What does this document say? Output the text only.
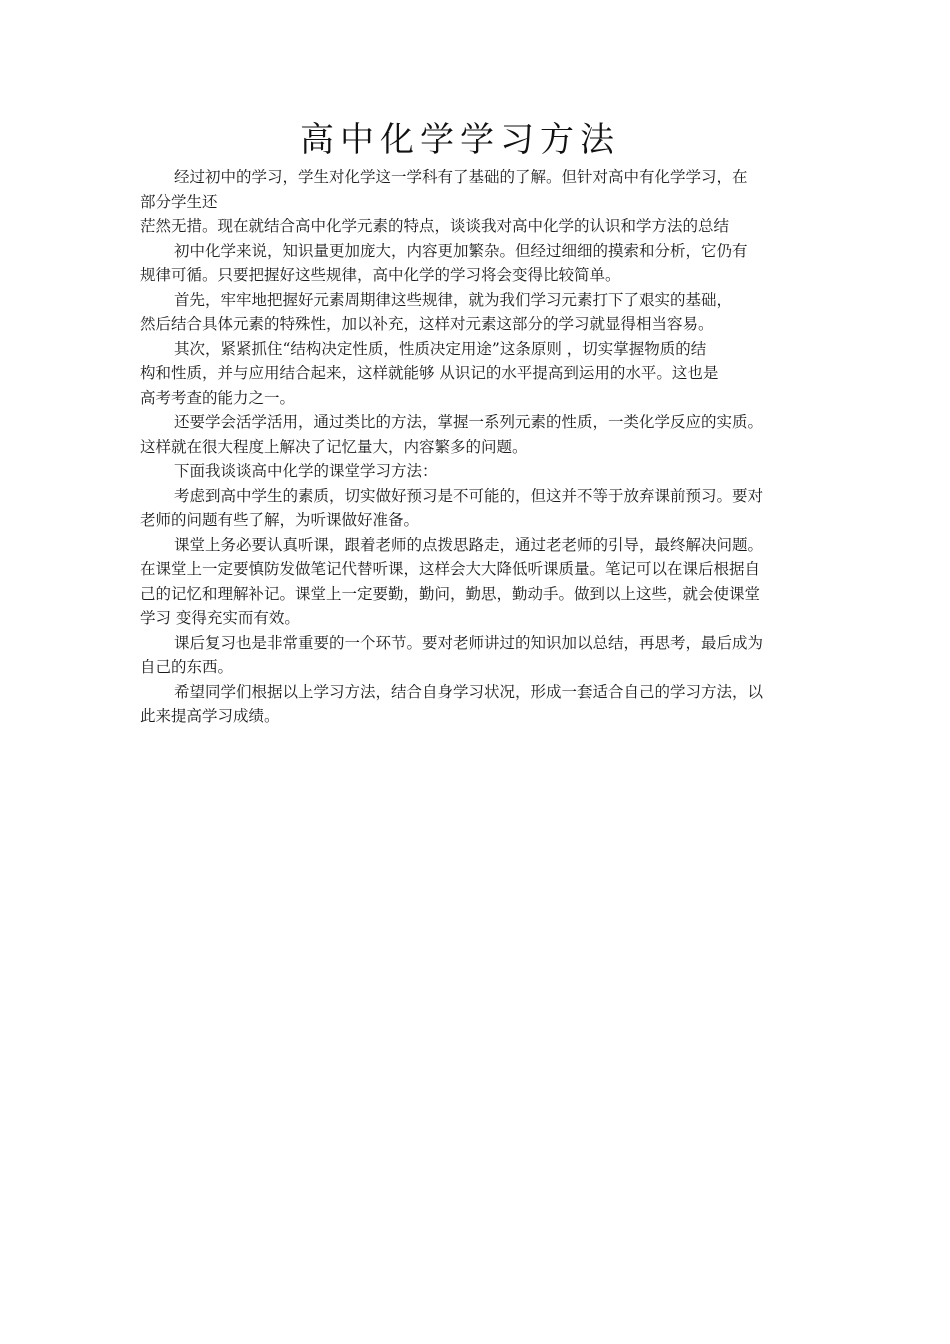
高中化学学习方法
经过初中的学习，学生对化学这一学科有了基础的了解。但针对高中有化学学习，在
部分学生还
茫然无措。现在就结合高中化学元素的特点，谈谈我对高中化学的认识和学方法的总结
初中化学来说，知识量更加庞大，内容更加繁杂。但经过细细的摸索和分析，它仍有
规律可循。只要把握好这些规律，高中化学的学习将会变得比较简单。
首先，牢牢地把握好元素周期律这些规律，就为我们学习元素打下了艰实的基础，
然后结合具体元素的特殊性，加以补充，这样对元素这部分的学习就显得相当容易。
其次，紧紧抓住“结构决定性质，性质决定用途”这条原则 ，切实掌握物质的结
构和性质，并与应用结合起来，这样就能够 从识记的水平提高到运用的水平。这也是
高考考查的能力之一。
还要学会活学活用，通过类比的方法，掌握一系列元素的性质，一类化学反应的实质。
这样就在很大程度上解决了记忆量大，内容繁多的问题。
下面我谈谈高中化学的课堂学习方法：
考虑到高中学生的素质，切实做好预习是不可能的，但这并不等于放弃课前预习。要对
老师的问题有些了解，为听课做好准备。
课堂上务必要认真听课，跟着老师的点拨思路走，通过老老师的引导，最终解决问题。
在课堂上一定要慎防发做笔记代替听课，这样会大大降低听课质量。笔记可以在课后根据自
己的记忆和理解补记。课堂上一定要勤，勤问，勤思，勤动手。做到以上这些，就会使课堂
学习 变得充实而有效。
课后复习也是非常重要的一个环节。要对老师讲过的知识加以总结，再思考，最后成为
自己的东西。
希望同学们根据以上学习方法，结合自身学习状况，形成一套适合自己的学习方法，以
此来提高学习成绩。
